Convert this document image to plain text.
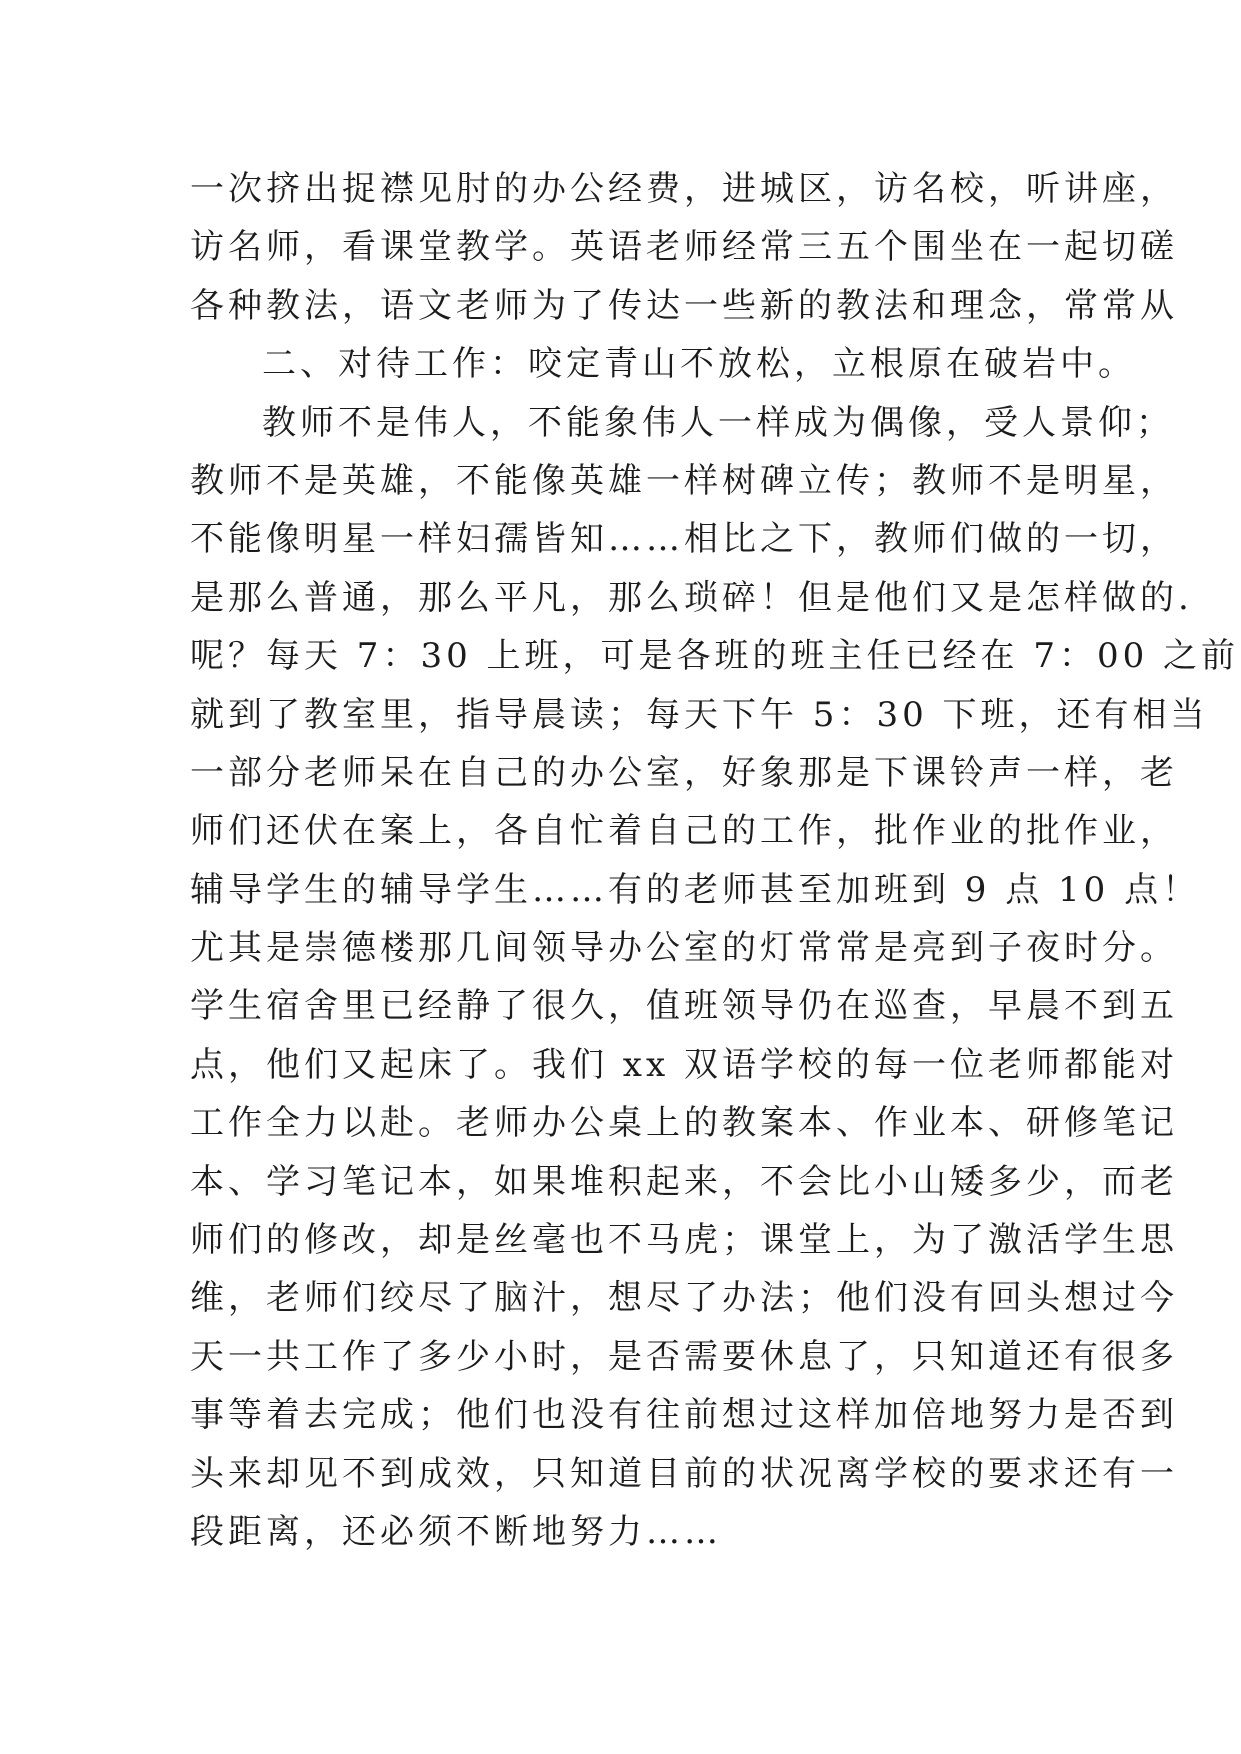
一次挤出捉襟见肘的办公经费，进城区，访名校，听讲座，
访名师，看课堂教学。英语老师经常三五个围坐在一起切磋
各种教法，语文老师为了传达一些新的教法和理念，常常从
二、对待工作：咬定青山不放松，立根原在破岩中。
教师不是伟人，不能象伟人一样成为偶像，受人景仰；
教师不是英雄，不能像英雄一样树碑立传；教师不是明星，
不能像明星一样妇孺皆知……相比之下，教师们做的一切，
是那么普通，那么平凡，那么琐碎！但是他们又是怎样做的.
呢？每天 7：30 上班，可是各班的班主任已经在 7：00 之前
就到了教室里，指导晨读；每天下午 5：30 下班，还有相当
一部分老师呆在自己的办公室，好象那是下课铃声一样，老
师们还伏在案上，各自忙着自己的工作，批作业的批作业，
辅导学生的辅导学生……有的老师甚至加班到 9 点 10 点！
尤其是崇德楼那几间领导办公室的灯常常是亮到子夜时分。
学生宿舍里已经静了很久，值班领导仍在巡查，早晨不到五
点，他们又起床了。我们 xx 双语学校的每一位老师都能对
工作全力以赴。老师办公桌上的教案本、作业本、研修笔记
本、学习笔记本，如果堆积起来，不会比小山矮多少，而老
师们的修改，却是丝毫也不马虎；课堂上，为了激活学生思
维，老师们绞尽了脑汁，想尽了办法；他们没有回头想过今
天一共工作了多少小时，是否需要休息了，只知道还有很多
事等着去完成；他们也没有往前想过这样加倍地努力是否到
头来却见不到成效，只知道目前的状况离学校的要求还有一
段距离，还必须不断地努力……
